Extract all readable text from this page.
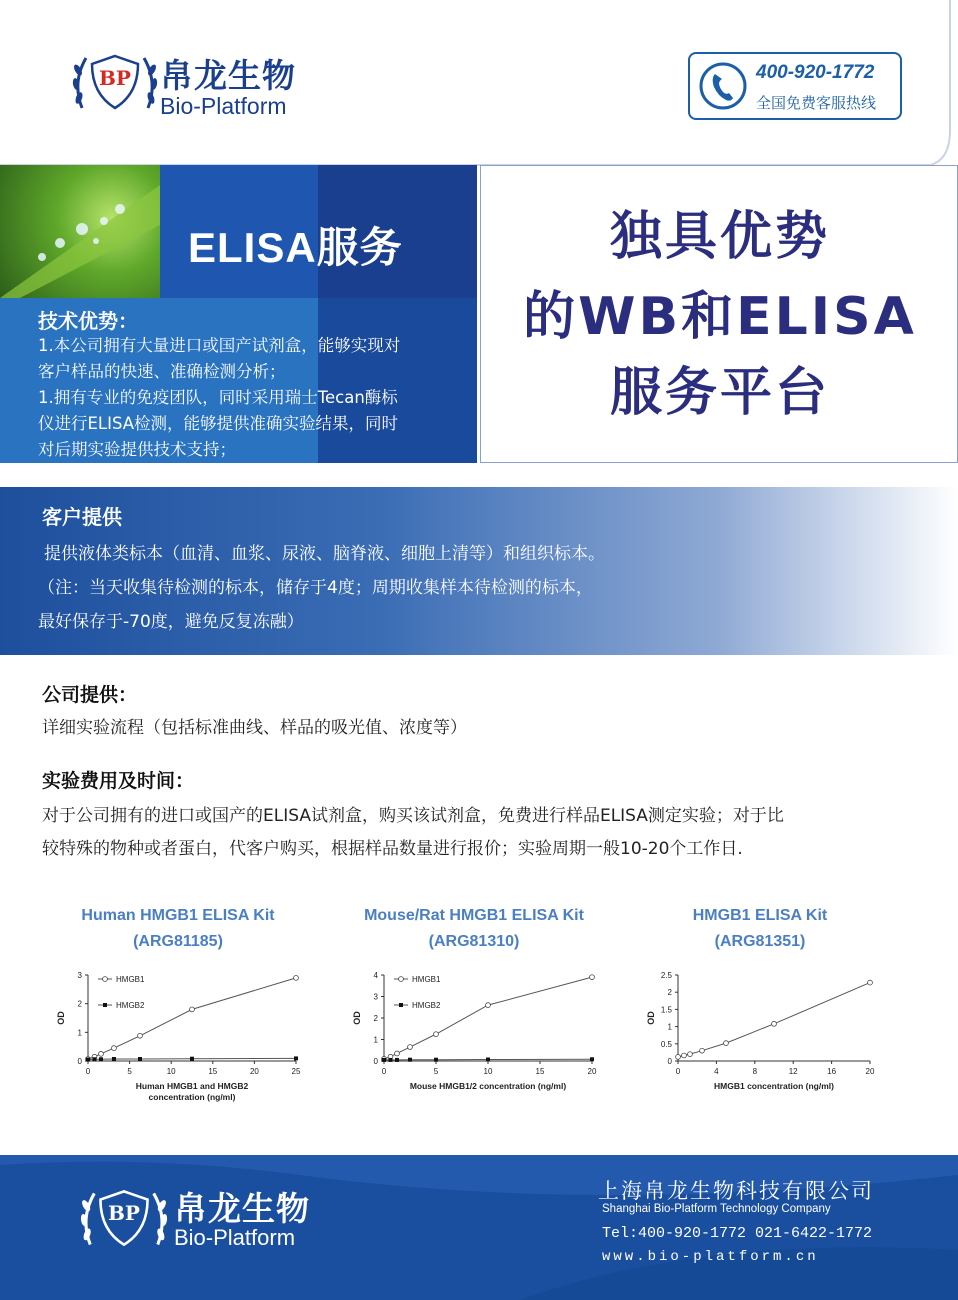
BP 帛龙生物
Bio-Platform
400-920-1772
全国免费客服热线
ELISA服务
技术优势：
1.本公司拥有大量进口或国产试剂盒，能够实现对
客户样品的快速、准确检测分析；
1.拥有专业的免疫团队，同时采用瑞士Tecan酶标
仪进行ELISA检测，能够提供准确实验结果，同时
对后期实验提供技术支持；
独具优势
的WB和ELISA
服务平台
客户提供
提供液体类标本（血清、血浆、尿液、脑脊液、细胞上清等）和组织标本。
（注：当天收集待检测的标本，储存于4度；周期收集样本待检测的标本，
最好保存于-70度，避免反复冻融）
公司提供：
详细实验流程（包括标准曲线、样品的吸光值、浓度等）
实验费用及时间：
对于公司拥有的进口或国产的ELISA试剂盒，购买该试剂盒，免费进行样品ELISA测定实验；对于比
较特殊的物种或者蛋白，代客户购买，根据样品数量进行报价；实验周期一般10-20个工作日.
Human HMGB1 ELISA Kit
(ARG81185)
0
1
2
3
0	5	10	15	20	25
OD
Human HMGB1 and HMGB2
concentration (ng/ml)
HMGB1
HMGB2
Mouse/Rat HMGB1 ELISA Kit
(ARG81310)
0
1
2
3
4
0	5	10	15	20
OD
Mouse HMGB1/2 concentration (ng/ml)
HMGB1
HMGB2
HMGB1 ELISA Kit
(ARG81351)
0
0.5
1
1.5
2
2.5
0	4	8	12	16	20
OD
HMGB1 concentration (ng/ml)
BP 帛龙生物
Bio-Platform
上海帛龙生物科技有限公司
Shanghai Bio-Platform Technology Company
Tel:400-920-1772 021-6422-1772
www.bio-platform.cn
